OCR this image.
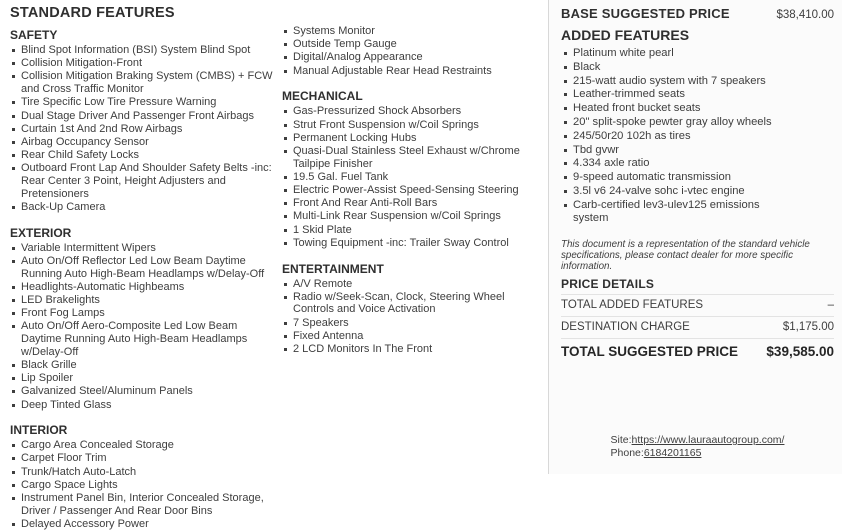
STANDARD FEATURES
SAFETY
Blind Spot Information (BSI) System Blind Spot
Collision Mitigation-Front
Collision Mitigation Braking System (CMBS) + FCW and Cross Traffic Monitor
Tire Specific Low Tire Pressure Warning
Dual Stage Driver And Passenger Front Airbags
Curtain 1st And 2nd Row Airbags
Airbag Occupancy Sensor
Rear Child Safety Locks
Outboard Front Lap And Shoulder Safety Belts -inc: Rear Center 3 Point, Height Adjusters and Pretensioners
Back-Up Camera
EXTERIOR
Variable Intermittent Wipers
Auto On/Off Reflector Led Low Beam Daytime Running Auto High-Beam Headlamps w/Delay-Off
Headlights-Automatic Highbeams
LED Brakelights
Front Fog Lamps
Auto On/Off Aero-Composite Led Low Beam Daytime Running Auto High-Beam Headlamps w/Delay-Off
Black Grille
Lip Spoiler
Galvanized Steel/Aluminum Panels
Deep Tinted Glass
INTERIOR
Cargo Area Concealed Storage
Carpet Floor Trim
Trunk/Hatch Auto-Latch
Cargo Space Lights
Instrument Panel Bin, Interior Concealed Storage, Driver / Passenger And Rear Door Bins
Delayed Accessory Power
Systems Monitor
Outside Temp Gauge
Digital/Analog Appearance
Manual Adjustable Rear Head Restraints
MECHANICAL
Gas-Pressurized Shock Absorbers
Strut Front Suspension w/Coil Springs
Permanent Locking Hubs
Quasi-Dual Stainless Steel Exhaust w/Chrome Tailpipe Finisher
19.5 Gal. Fuel Tank
Electric Power-Assist Speed-Sensing Steering
Front And Rear Anti-Roll Bars
Multi-Link Rear Suspension w/Coil Springs
1 Skid Plate
Towing Equipment -inc: Trailer Sway Control
ENTERTAINMENT
A/V Remote
Radio w/Seek-Scan, Clock, Steering Wheel Controls and Voice Activation
7 Speakers
Fixed Antenna
2 LCD Monitors In The Front
BASE SUGGESTED PRICE	$38,410.00
ADDED FEATURES
Platinum white pearl
Black
215-watt audio system with 7 speakers
Leather-trimmed seats
Heated front bucket seats
20" split-spoke pewter gray alloy wheels
245/50r20 102h as tires
Tbd gvwr
4.334 axle ratio
9-speed automatic transmission
3.5l v6 24-valve sohc i-vtec engine
Carb-certified lev3-ulev125 emissions system

This document is a representation of the standard vehicle specifications, please contact dealer for more specific information.

PRICE DETAILS
TOTAL ADDED FEATURES	–
DESTINATION CHARGE	$1,175.00
TOTAL SUGGESTED PRICE $39,585.00
Site:https://www.lauraautogroup.com/
Phone:6184201165
